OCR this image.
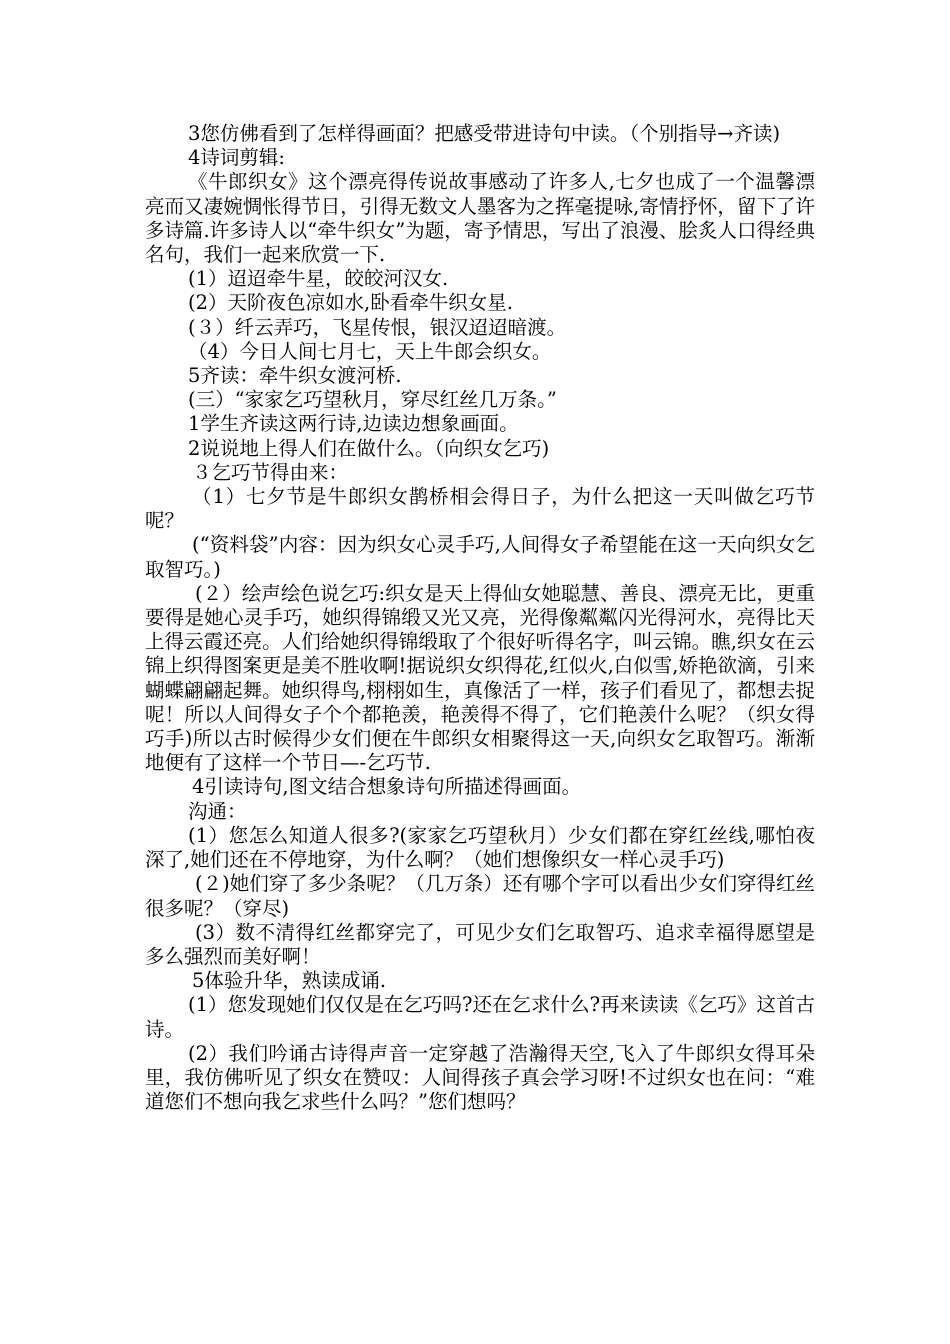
3您仿佛看到了怎样得画面？把感受带进诗句中读。（个别指导→齐读)

4诗词剪辑:

《牛郎织女》这个漂亮得传说故事感动了许多人,七夕也成了一个温馨漂亮而又凄婉惆怅得节日，引得无数文人墨客为之挥毫提咏,寄情抒怀，留下了许多诗篇.许多诗人以“牵牛织女”为题，寄予情思，写出了浪漫、脍炙人口得经典名句，我们一起来欣赏一下.

(1）迢迢牵牛星，皎皎河汉女.

(2）天阶夜色凉如水,卧看牵牛织女星.

(３）纤云弄巧，飞星传恨，银汉迢迢暗渡。

（4）今日人间七月七，天上牛郎会织女。

5齐读：牵牛织女渡河桥.

(三）“家家乞巧望秋月，穿尽红丝几万条。”

1学生齐读这两行诗,边读边想象画面。

2说说地上得人们在做什么。（向织女乞巧)

３乞巧节得由来：

（1）七夕节是牛郎织女鹊桥相会得日子，为什么把这一天叫做乞巧节呢？

(“资料袋”内容：因为织女心灵手巧,人间得女子希望能在这一天向织女乞取智巧。)

(２）绘声绘色说乞巧:织女是天上得仙女她聪慧、善良、漂亮无比，更重要得是她心灵手巧，她织得锦缎又光又亮，光得像粼粼闪光得河水，亮得比天上得云霞还亮。人们给她织得锦缎取了个很好听得名字，叫云锦。瞧,织女在云锦上织得图案更是美不胜收啊!据说织女织得花,红似火,白似雪,娇艳欲滴，引来蝴蝶翩翩起舞。她织得鸟,栩栩如生，真像活了一样，孩子们看见了，都想去捉呢！所以人间得女子个个都艳羡，艳羡得不得了，它们艳羡什么呢？（织女得巧手)所以古时候得少女们便在牛郎织女相聚得这一天,向织女乞取智巧。渐渐地便有了这样一个节日—-乞巧节.

4引读诗句,图文结合想象诗句所描述得画面。

沟通：

(1）您怎么知道人很多?(家家乞巧望秋月）少女们都在穿红丝线,哪怕夜深了,她们还在不停地穿，为什么啊？（她们想像织女一样心灵手巧)

(２)她们穿了多少条呢？（几万条）还有哪个字可以看出少女们穿得红丝很多呢？（穿尽)

(3）数不清得红丝都穿完了，可见少女们乞取智巧、追求幸福得愿望是多么强烈而美好啊！

5体验升华，熟读成诵.

(1）您发现她们仅仅是在乞巧吗?还在乞求什么?再来读读《乞巧》这首古诗。

(2）我们吟诵古诗得声音一定穿越了浩瀚得天空,飞入了牛郎织女得耳朵里，我仿佛听见了织女在赞叹：人间得孩子真会学习呀!不过织女也在问：“难道您们不想向我乞求些什么吗？”您们想吗？
